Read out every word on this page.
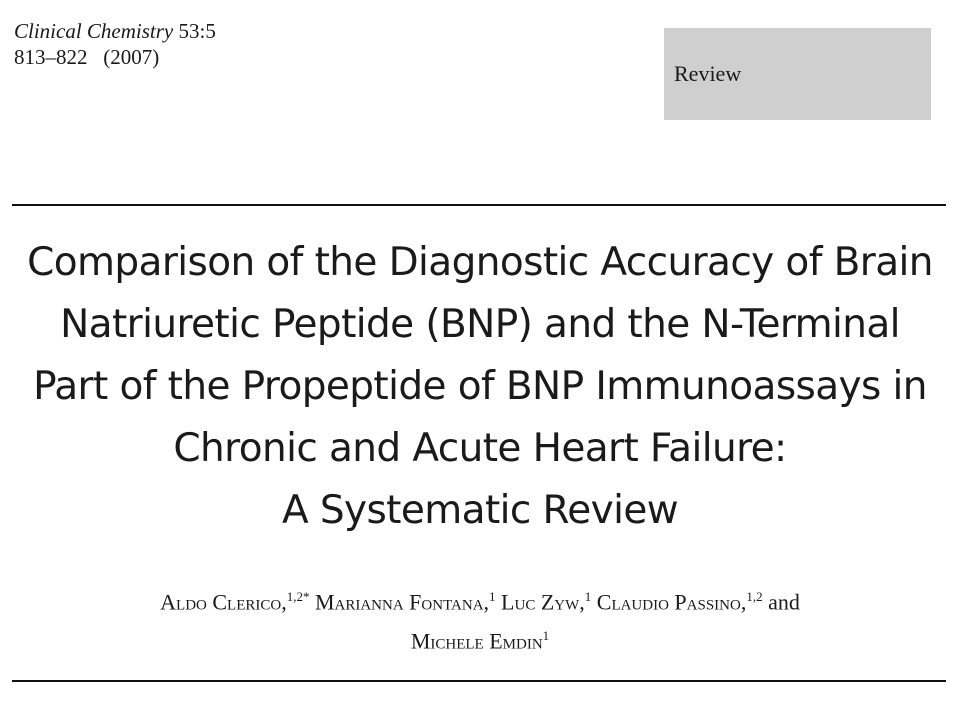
Clinical Chemistry 53:5
813–822 (2007)
Review
Comparison of the Diagnostic Accuracy of Brain
Natriuretic Peptide (BNP) and the N-Terminal
Part of the Propeptide of BNP Immunoassays in
Chronic and Acute Heart Failure:
A Systematic Review
Aldo Clerico,$^{1,2*}$ Marianna Fontana,$^1$ Luc Zyw,$^1$ Claudio Passino,$^{1,2}$ and
Michele Emdin$^1$
